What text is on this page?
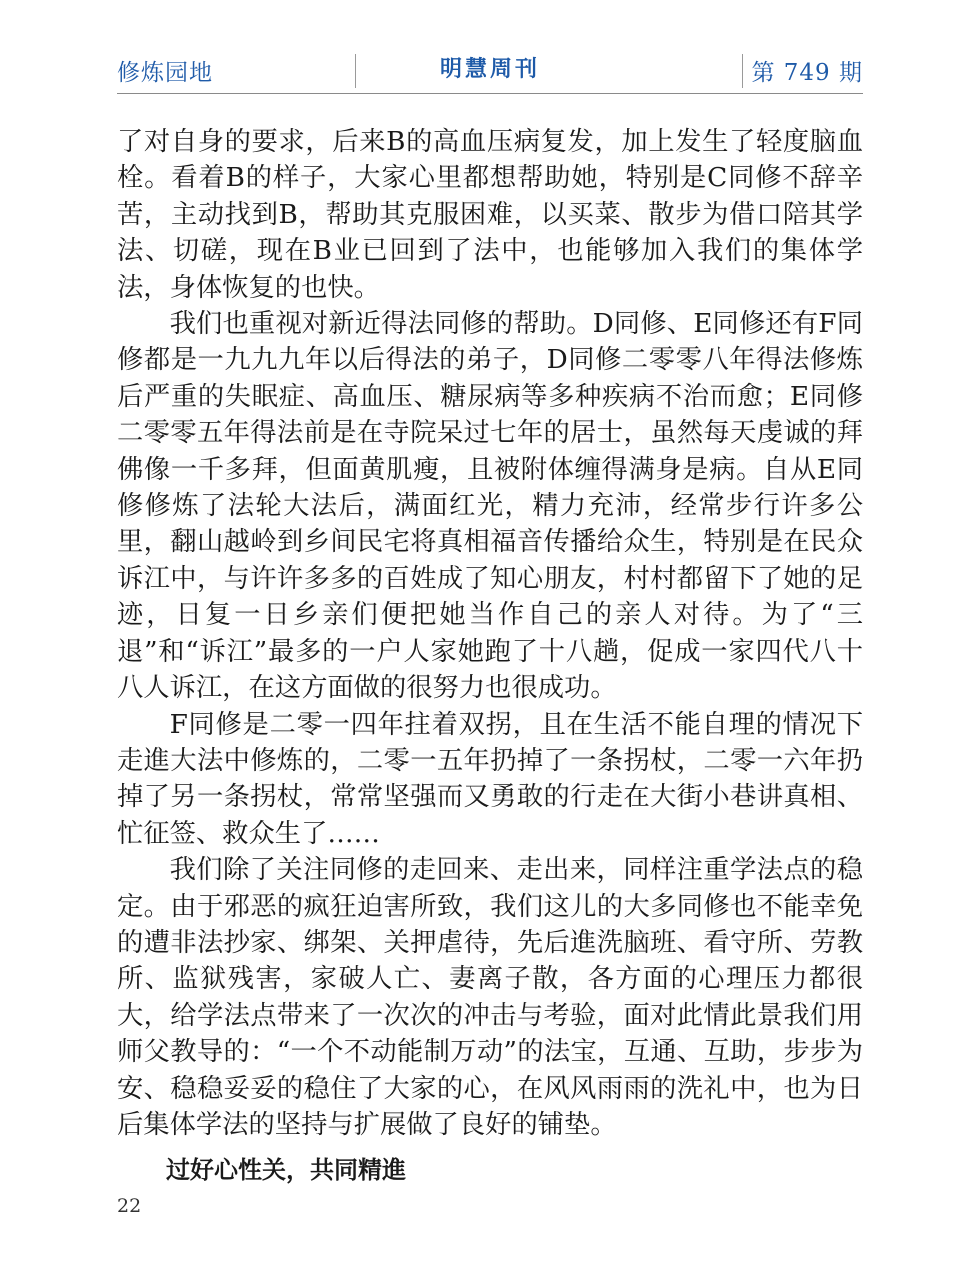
修炼园地	明慧周刊	第 749 期

了对自身的要求，后来B的高血压病复发，加上发生了轻度脑血栓。看着B的样子，大家心里都想帮助她，特别是C同修不辞辛苦，主动找到B，帮助其克服困难，以买菜、散步为借口陪其学法、切磋，现在B业已回到了法中，也能够加入我们的集体学法，身体恢复的也快。

我们也重视对新近得法同修的帮助。D同修、E同修还有F同修都是一九九九年以后得法的弟子，D同修二零零八年得法修炼后严重的失眠症、高血压、糖尿病等多种疾病不治而愈；E同修二零零五年得法前是在寺院呆过七年的居士，虽然每天虔诚的拜佛像一千多拜，但面黄肌瘦，且被附体缠得满身是病。自从E同修修炼了法轮大法后，满面红光，精力充沛，经常步行许多公里，翻山越岭到乡间民宅将真相福音传播给众生，特别是在民众诉江中，与许许多多的百姓成了知心朋友，村村都留下了她的足迹，日复一日乡亲们便把她当作自己的亲人对待。为了“三退”和“诉江”最多的一户人家她跑了十八趟，促成一家四代八十八人诉江，在这方面做的很努力也很成功。

F同修是二零一四年拄着双拐，且在生活不能自理的情况下走進大法中修炼的，二零一五年扔掉了一条拐杖，二零一六年扔掉了另一条拐杖，常常坚强而又勇敢的行走在大街小巷讲真相、忙征签、救众生了……

我们除了关注同修的走回来、走出来，同样注重学法点的稳定。由于邪恶的疯狂迫害所致，我们这儿的大多同修也不能幸免的遭非法抄家、绑架、关押虐待，先后進洗脑班、看守所、劳教所、监狱残害，家破人亡、妻离子散，各方面的心理压力都很大，给学法点带来了一次次的冲击与考验，面对此情此景我们用师父教导的：“一个不动能制万动”的法宝，互通、互助，步步为安、稳稳妥妥的稳住了大家的心，在风风雨雨的洗礼中，也为日后集体学法的坚持与扩展做了良好的铺垫。

过好心性关，共同精進
22
